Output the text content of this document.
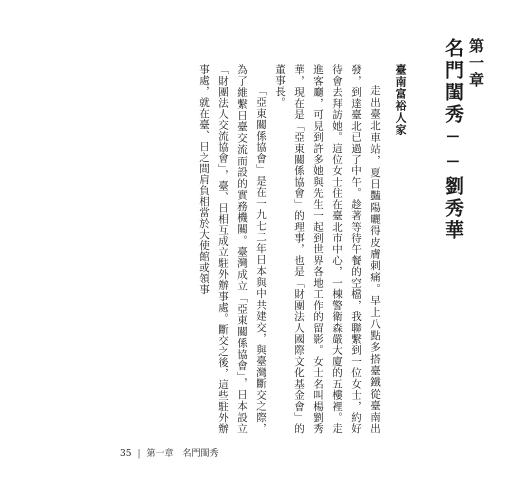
第一章
名門閨秀──劉秀華
臺南富裕人家

走出臺北車站，夏日豔陽曬得皮膚刺痛。早上八點多搭臺鐵從臺南出發，到達臺北已過了中午。趁著等待午餐的空檔，我聯繫到一位女士，約好待會去拜訪她。這位女士住在臺北市中心，一棟警衛森嚴大廈的五樓裡。走進客廳，可見到許多她與先生一起到世界各地工作的留影。女士名叫楊劉秀華，現在是「亞東關係協會」的理事，也是「財團法人國際文化基金會」的董事長。

「亞東關係協會」是在一九七二年日本與中共建交，與臺灣斷交之際，為了維繫日臺交流而設的實務機關。臺灣成立「亞東關係協會」，日本設立「財團法人交流協會」，臺、日相互成立駐外辦事處。斷交之後，這些駐外辦事處，就在臺、日之間肩負相當於大使館或領事

35 | 第一章　名門閨秀
